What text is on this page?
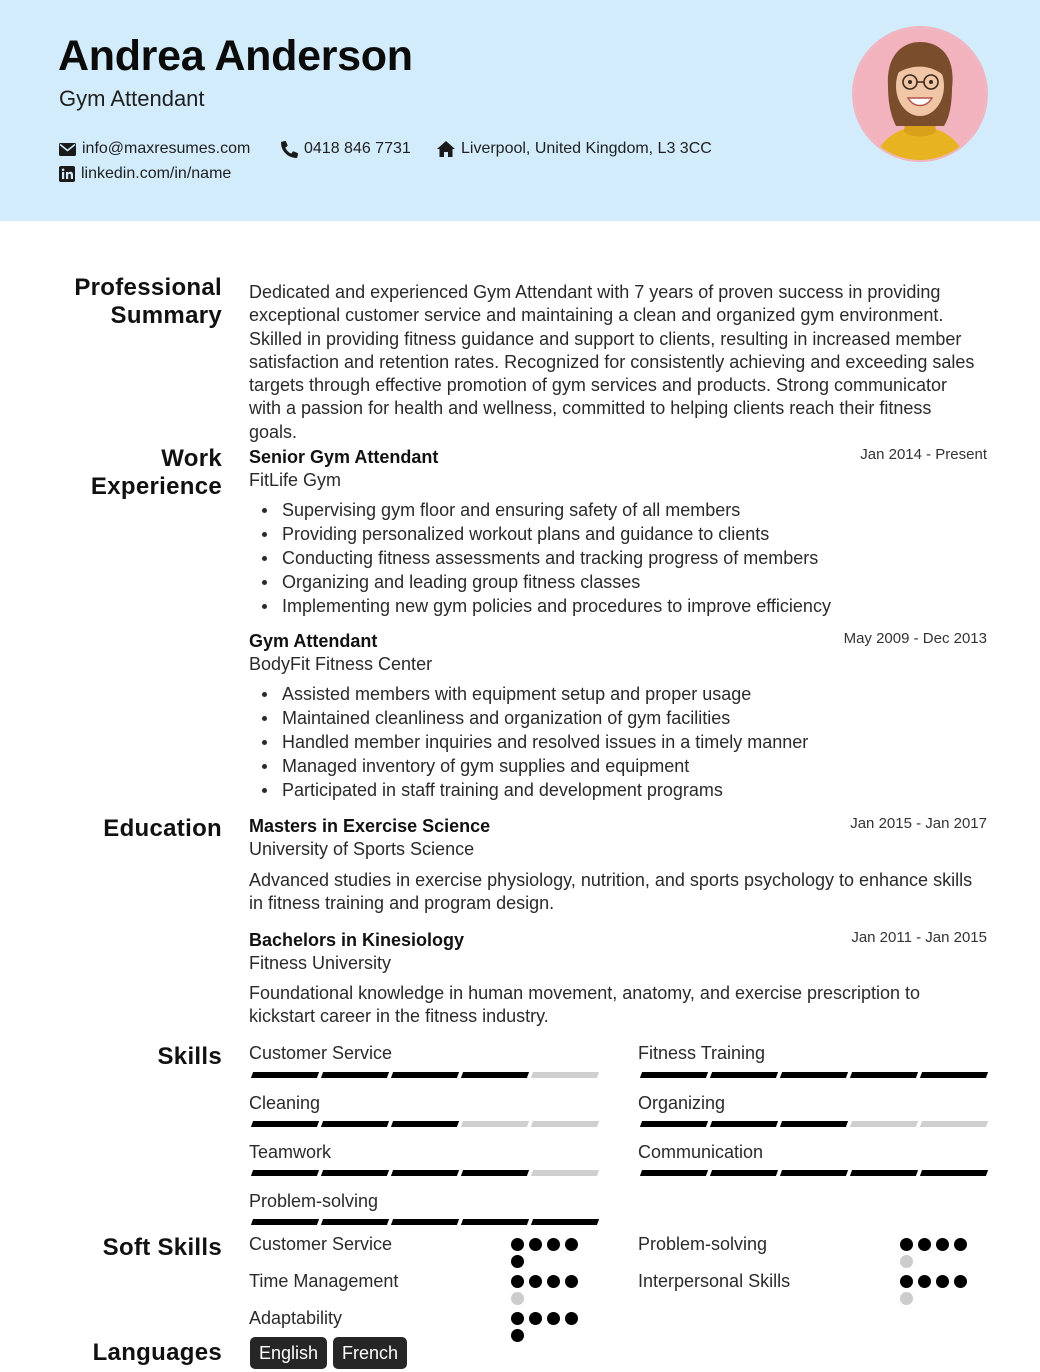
Andrea Anderson
Gym Attendant
info@maxresumes.com	0418 846 7731	Liverpool, United Kingdom, L3 3CC
linkedin.com/in/name
Professional Summary
Work Experience
Education
Skills
Soft Skills
Languages
Dedicated and experienced Gym Attendant with 7 years of proven success in providing
exceptional customer service and maintaining a clean and organized gym environment.
Skilled in providing fitness guidance and support to clients, resulting in increased member
satisfaction and retention rates. Recognized for consistently achieving and exceeding sales
targets through effective promotion of gym services and products. Strong communicator
with a passion for health and wellness, committed to helping clients reach their fitness
goals.
Senior Gym Attendant	Jan 2014 - Present
FitLife Gym
Supervising gym floor and ensuring safety of all members
Providing personalized workout plans and guidance to clients
Conducting fitness assessments and tracking progress of members
Organizing and leading group fitness classes
Implementing new gym policies and procedures to improve efficiency
Gym Attendant	May 2009 - Dec 2013
BodyFit Fitness Center
Assisted members with equipment setup and proper usage
Maintained cleanliness and organization of gym facilities
Handled member inquiries and resolved issues in a timely manner
Managed inventory of gym supplies and equipment
Participated in staff training and development programs
Masters in Exercise Science	Jan 2015 - Jan 2017
University of Sports Science
Advanced studies in exercise physiology, nutrition, and sports psychology to enhance skills
in fitness training and program design.
Bachelors in Kinesiology	Jan 2011 - Jan 2015
Fitness University
Foundational knowledge in human movement, anatomy, and exercise prescription to
kickstart career in the fitness industry.
Customer Service	Fitness Training
Cleaning	Organizing
Teamwork	Communication
Problem-solving
Customer Service	Problem-solving
Time Management	Interpersonal Skills
Adaptability
English	French
